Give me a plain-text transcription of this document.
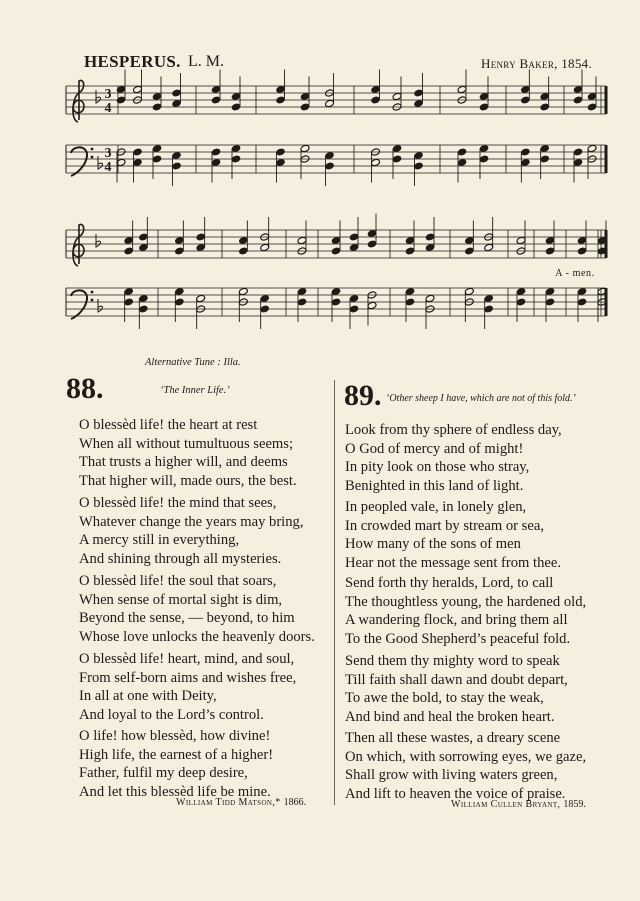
HESPERUS. L. M.	Henry Baker, 1854.
3
4
3
4
A - men.
Alternative Tune : Illa.
88.	‘The Inner Life.’
O blessèd life! the heart at rest
When all without tumultuous seems;
That trusts a higher will, and deems
That higher will, made ours, the best.
O blessèd life! the mind that sees,
Whatever change the years may bring,
A mercy still in everything,
And shining through all mysteries.
O blessèd life! the soul that soars,
When sense of mortal sight is dim,
Beyond the sense, — beyond, to him
Whose love unlocks the heavenly doors.
O blessèd life! heart, mind, and soul,
From self-born aims and wishes free,
In all at one with Deity,
And loyal to the Lord’s control.
O life! how blessèd, how divine!
High life, the earnest of a higher!
Father, fulfil my deep desire,
And let this blessèd life be mine.
William Tidd Matson,* 1866.
89. ‘Other sheep I have, which are not of this fold.’
Look from thy sphere of endless day,
O God of mercy and of might!
In pity look on those who stray,
Benighted in this land of light.
In peopled vale, in lonely glen,
In crowded mart by stream or sea,
How many of the sons of men
Hear not the message sent from thee.
Send forth thy heralds, Lord, to call
The thoughtless young, the hardened old,
A wandering flock, and bring them all
To the Good Shepherd’s peaceful fold.
Send them thy mighty word to speak
Till faith shall dawn and doubt depart,
To awe the bold, to stay the weak,
And bind and heal the broken heart.
Then all these wastes, a dreary scene
On which, with sorrowing eyes, we gaze,
Shall grow with living waters green,
And lift to heaven the voice of praise.
William Cullen Bryant, 1859.
